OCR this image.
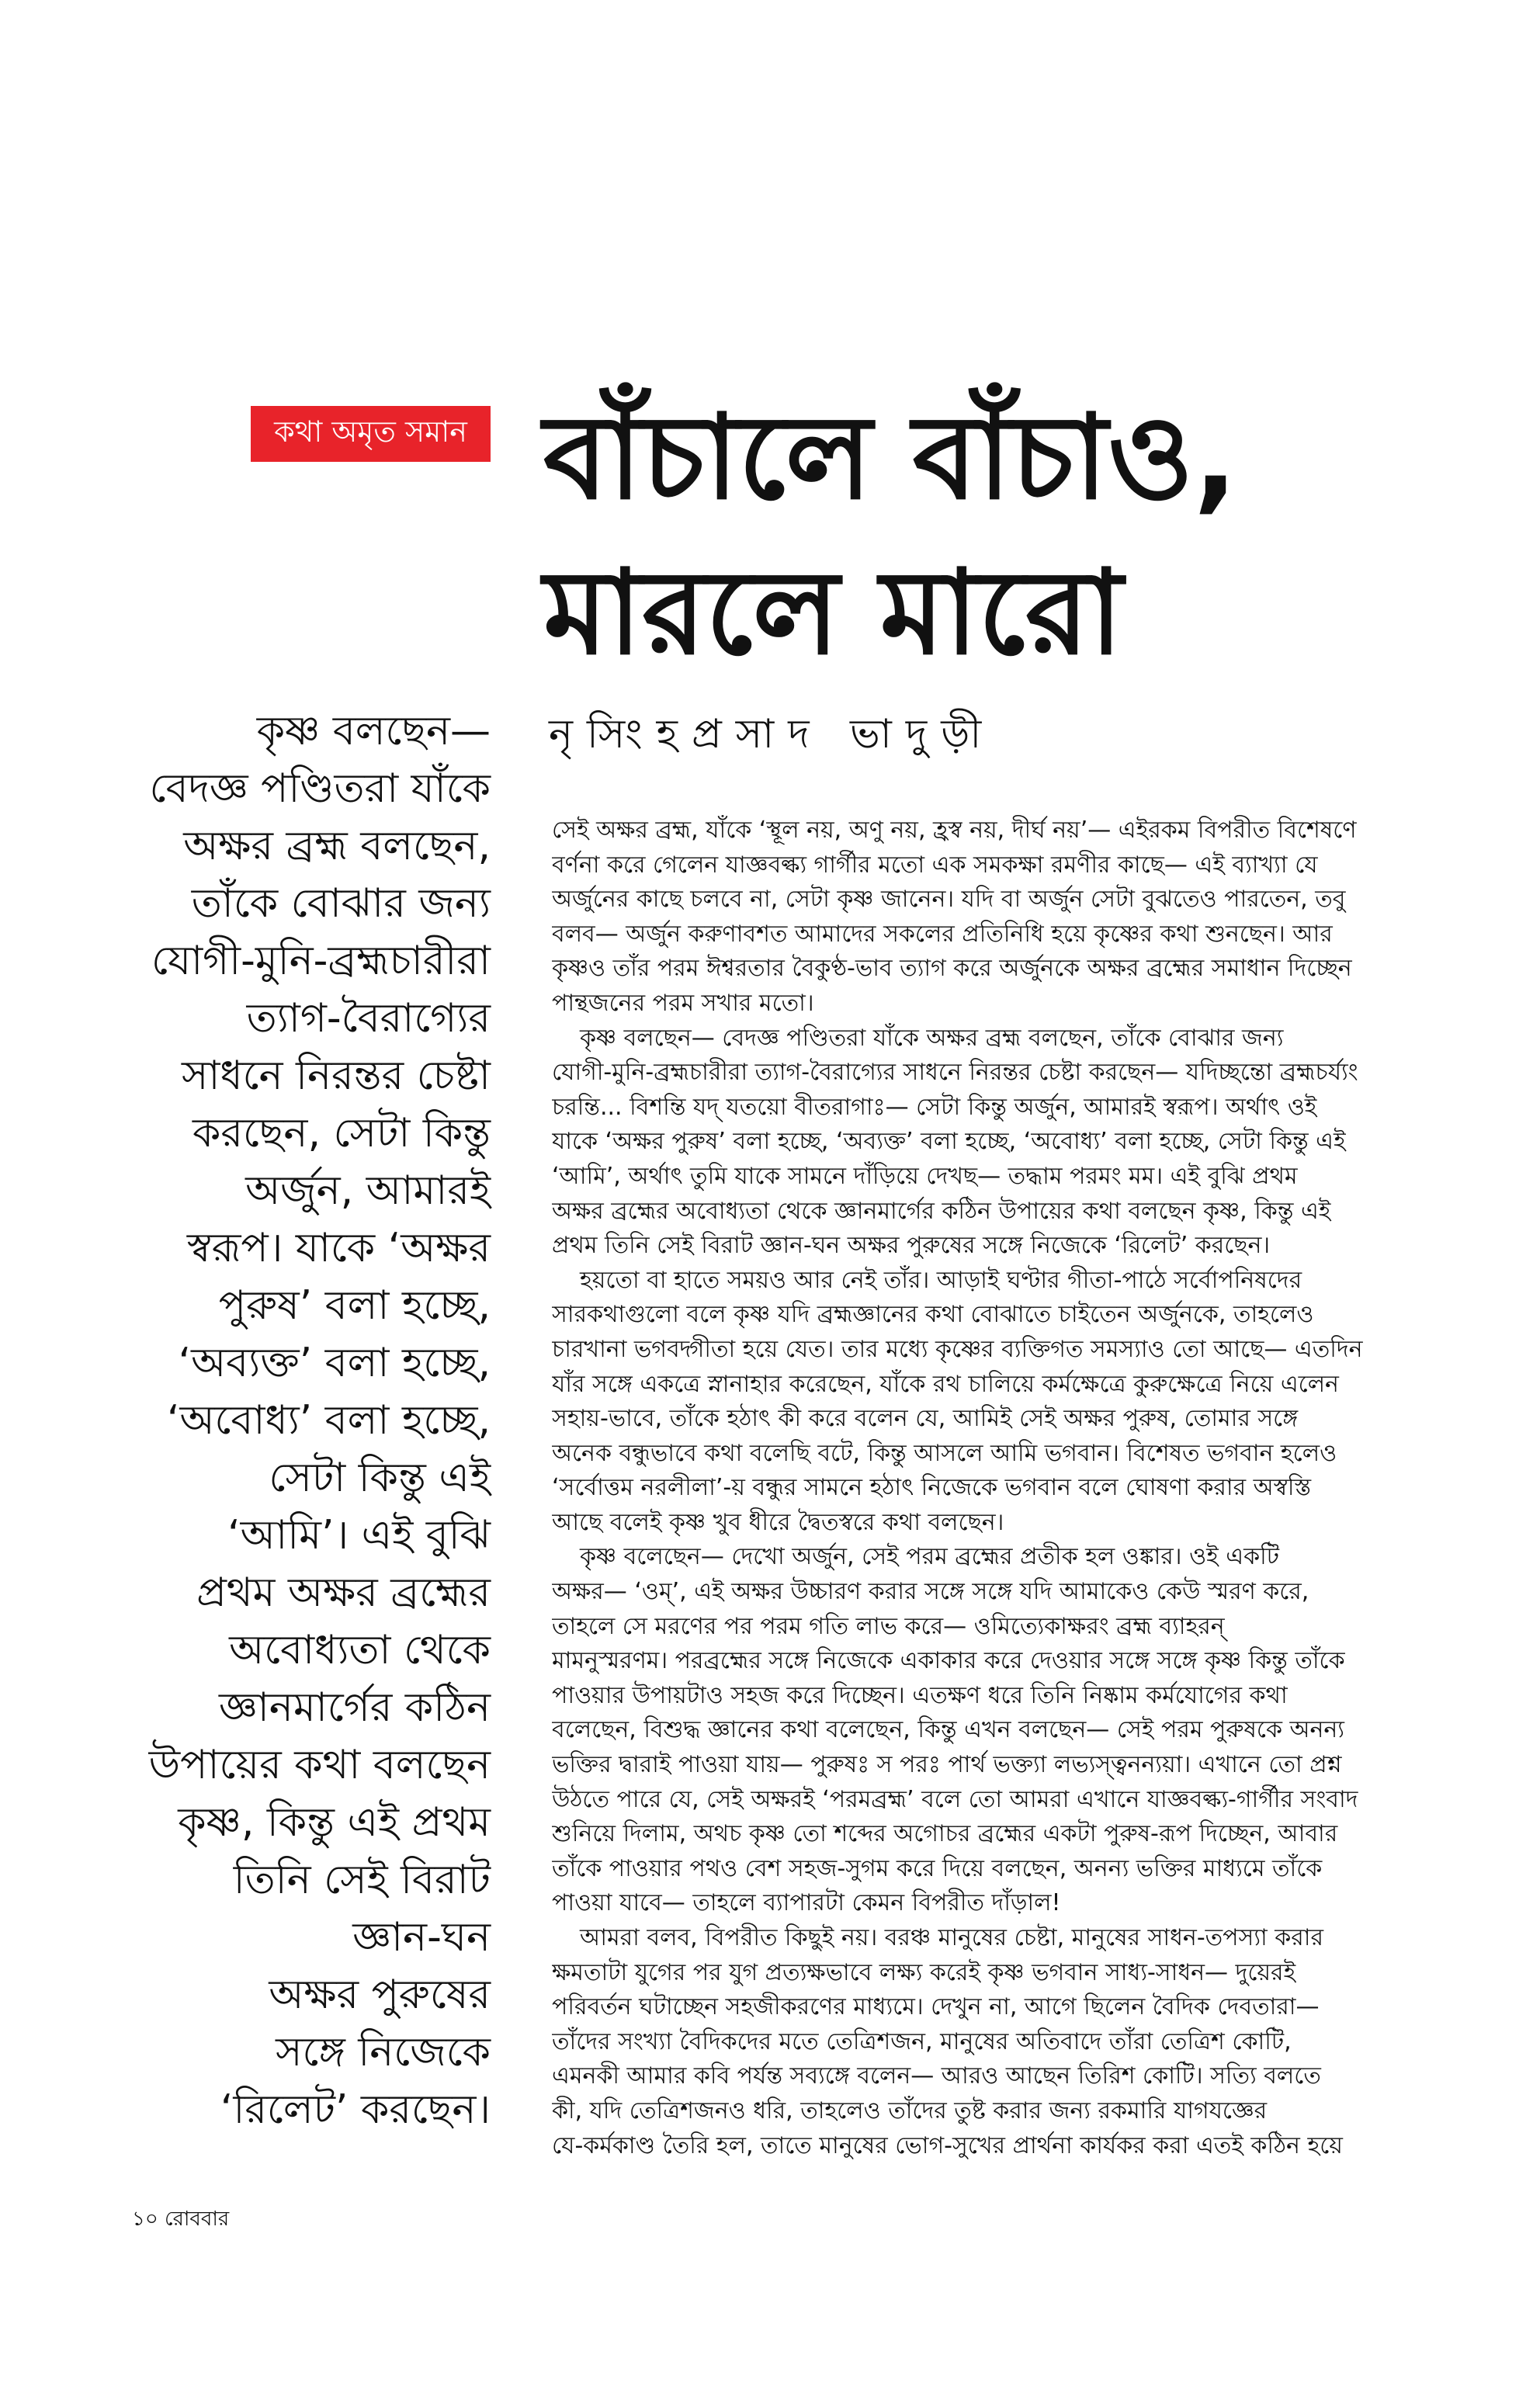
কথা অমৃত সমান বাঁচালে বাঁচাও,
মারলে মারো
নৃসিংহপ্রসাদ ভাদুড়ী
কৃষ্ণ বলছেন—
বেদজ্ঞ পণ্ডিতরা যাঁকে
অক্ষর ব্রহ্ম বলছেন,
তাঁকে বোঝার জন্য
যোগী-মুনি-ব্রহ্মচারীরা
ত্যাগ-বৈরাগ্যের
সাধনে নিরন্তর চেষ্টা
করছেন, সেটা কিন্তু
অর্জুন, আমারই
স্বরূপ। যাকে ‘অক্ষর
পুরুষ’ বলা হচ্ছে,
‘অব্যক্ত’ বলা হচ্ছে,
‘অবোধ্য’ বলা হচ্ছে,
সেটা কিন্তু এই
‘আমি’। এই বুঝি
প্রথম অক্ষর ব্রহ্মের
অবোধ্যতা থেকে
জ্ঞানমার্গের কঠিন
উপায়ের কথা বলছেন
কৃষ্ণ, কিন্তু এই প্রথম
তিনি সেই বিরাট
জ্ঞান-ঘন
অক্ষর পুরুষের
সঙ্গে নিজেকে
‘রিলেট’ করছেন।
সেই অক্ষর ব্রহ্ম, যাঁকে ‘স্থূল নয়, অণু নয়, হ্রস্ব নয়, দীর্ঘ নয়’— এইরকম বিপরীত বিশেষণে
বর্ণনা করে গেলেন যাজ্ঞবল্ক্য গার্গীর মতো এক সমকক্ষা রমণীর কাছে— এই ব্যাখ্যা যে
অর্জুনের কাছে চলবে না, সেটা কৃষ্ণ জানেন। যদি বা অর্জুন সেটা বুঝতেও পারতেন, তবু
বলব— অর্জুন করুণাবশত আমাদের সকলের প্রতিনিধি হয়ে কৃষ্ণের কথা শুনছেন। আর
কৃষ্ণও তাঁর পরম ঈশ্বরতার বৈকুণ্ঠ-ভাব ত্যাগ করে অর্জুনকে অক্ষর ব্রহ্মের সমাধান দিচ্ছেন
পান্থজনের পরম সখার মতো।
কৃষ্ণ বলছেন— বেদজ্ঞ পণ্ডিতরা যাঁকে অক্ষর ব্রহ্ম বলছেন, তাঁকে বোঝার জন্য
যোগী-মুনি-ব্রহ্মচারীরা ত্যাগ-বৈরাগ্যের সাধনে নিরন্তর চেষ্টা করছেন— যদিচ্ছন্তো ব্রহ্মচর্য্যং
চরন্তি... বিশন্তি যদ্ যতয়ো বীতরাগাঃ— সেটা কিন্তু অর্জুন, আমারই স্বরূপ। অর্থাৎ ওই
যাকে ‘অক্ষর পুরুষ’ বলা হচ্ছে, ‘অব্যক্ত’ বলা হচ্ছে, ‘অবোধ্য’ বলা হচ্ছে, সেটা কিন্তু এই
‘আমি’, অর্থাৎ তুমি যাকে সামনে দাঁড়িয়ে দেখছ— তদ্ধাম পরমং মম। এই বুঝি প্রথম
অক্ষর ব্রহ্মের অবোধ্যতা থেকে জ্ঞানমার্গের কঠিন উপায়ের কথা বলছেন কৃষ্ণ, কিন্তু এই
প্রথম তিনি সেই বিরাট জ্ঞান-ঘন অক্ষর পুরুষের সঙ্গে নিজেকে ‘রিলেট’ করছেন।
হয়তো বা হাতে সময়ও আর নেই তাঁর। আড়াই ঘণ্টার গীতা-পাঠে সর্বোপনিষদের
সারকথাগুলো বলে কৃষ্ণ যদি ব্রহ্মজ্ঞানের কথা বোঝাতে চাইতেন অর্জুনকে, তাহলেও
চারখানা ভগবদ্গীতা হয়ে যেত। তার মধ্যে কৃষ্ণের ব্যক্তিগত সমস্যাও তো আছে— এতদিন
যাঁর সঙ্গে একত্রে স্নানাহার করেছেন, যাঁকে রথ চালিয়ে কর্মক্ষেত্রে কুরুক্ষেত্রে নিয়ে এলেন
সহায়-ভাবে, তাঁকে হঠাৎ কী করে বলেন যে, আমিই সেই অক্ষর পুরুষ, তোমার সঙ্গে
অনেক বন্ধুভাবে কথা বলেছি বটে, কিন্তু আসলে আমি ভগবান। বিশেষত ভগবান হলেও
‘সর্বোত্তম নরলীলা’-য় বন্ধুর সামনে হঠাৎ নিজেকে ভগবান বলে ঘোষণা করার অস্বস্তি
আছে বলেই কৃষ্ণ খুব ধীরে দ্বৈতস্বরে কথা বলছেন।
কৃষ্ণ বলেছেন— দেখো অর্জুন, সেই পরম ব্রহ্মের প্রতীক হল ওঙ্কার। ওই একটি
অক্ষর— ‘ওম্’, এই অক্ষর উচ্চারণ করার সঙ্গে সঙ্গে যদি আমাকেও কেউ স্মরণ করে,
তাহলে সে মরণের পর পরম গতি লাভ করে— ওমিত্যেকাক্ষরং ব্রহ্ম ব্যাহরন্
মামনুস্মরণম। পরব্রহ্মের সঙ্গে নিজেকে একাকার করে দেওয়ার সঙ্গে সঙ্গে কৃষ্ণ কিন্তু তাঁকে
পাওয়ার উপায়টাও সহজ করে দিচ্ছেন। এতক্ষণ ধরে তিনি নিষ্কাম কর্মযোগের কথা
বলেছেন, বিশুদ্ধ জ্ঞানের কথা বলেছেন, কিন্তু এখন বলছেন— সেই পরম পুরুষকে অনন্য
ভক্তির দ্বারাই পাওয়া যায়— পুরুষঃ স পরঃ পার্থ ভক্ত্যা লভ্যস্ত্বনন্যয়া। এখানে তো প্রশ্ন
উঠতে পারে যে, সেই অক্ষরই ‘পরমব্রহ্ম’ বলে তো আমরা এখানে যাজ্ঞবল্ক্য-গার্গীর সংবাদ
শুনিয়ে দিলাম, অথচ কৃষ্ণ তো শব্দের অগোচর ব্রহ্মের একটা পুরুষ-রূপ দিচ্ছেন, আবার
তাঁকে পাওয়ার পথও বেশ সহজ-সুগম করে দিয়ে বলছেন, অনন্য ভক্তির মাধ্যমে তাঁকে
পাওয়া যাবে— তাহলে ব্যাপারটা কেমন বিপরীত দাঁড়াল!
আমরা বলব, বিপরীত কিছুই নয়। বরঞ্চ মানুষের চেষ্টা, মানুষের সাধন-তপস্যা করার
ক্ষমতাটা যুগের পর যুগ প্রত্যক্ষভাবে লক্ষ্য করেই কৃষ্ণ ভগবান সাধ্য-সাধন— দুয়েরই
পরিবর্তন ঘটাচ্ছেন সহজীকরণের মাধ্যমে। দেখুন না, আগে ছিলেন বৈদিক দেবতারা—
তাঁদের সংখ্যা বৈদিকদের মতে তেত্রিশজন, মানুষের অতিবাদে তাঁরা তেত্রিশ কোটি,
এমনকী আমার কবি পর্যন্ত সব্যঙ্গে বলেন— আরও আছেন তিরিশ কোটি। সত্যি বলতে
কী, যদি তেত্রিশজনও ধরি, তাহলেও তাঁদের তুষ্ট করার জন্য রকমারি যাগযজ্ঞের
যে-কর্মকাণ্ড তৈরি হল, তাতে মানুষের ভোগ-সুখের প্রার্থনা কার্যকর করা এতই কঠিন হয়ে
১০ রোববার
